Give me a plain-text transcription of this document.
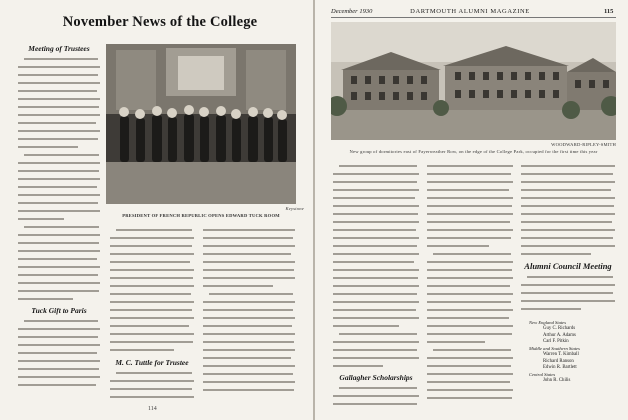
November News of the College
Meeting of Trustees
Tuck Gift to Paris
Keystone
PRESIDENT OF FRENCH REPUBLIC OPENS EDWARD TUCK ROOM
M. C. Tuttle for Trustee
114
December 1930	DARTMOUTH ALUMNI MAGAZINE	115
WOODWARD-RIPLEY-SMITH
New group of dormitories east of Fayerweather Row, on the edge of the College Park, occupied for the first time this year
Gallagher Scholarships
Alumni Council Meeting
New England States
Guy C. Richards
Arthur A. Adams
Carl F. Pitkin
Middle and Southern States
Warren T. Kimball
Richard Ranson
Edwin R. Bartlett
Central States
John R. Chilis
